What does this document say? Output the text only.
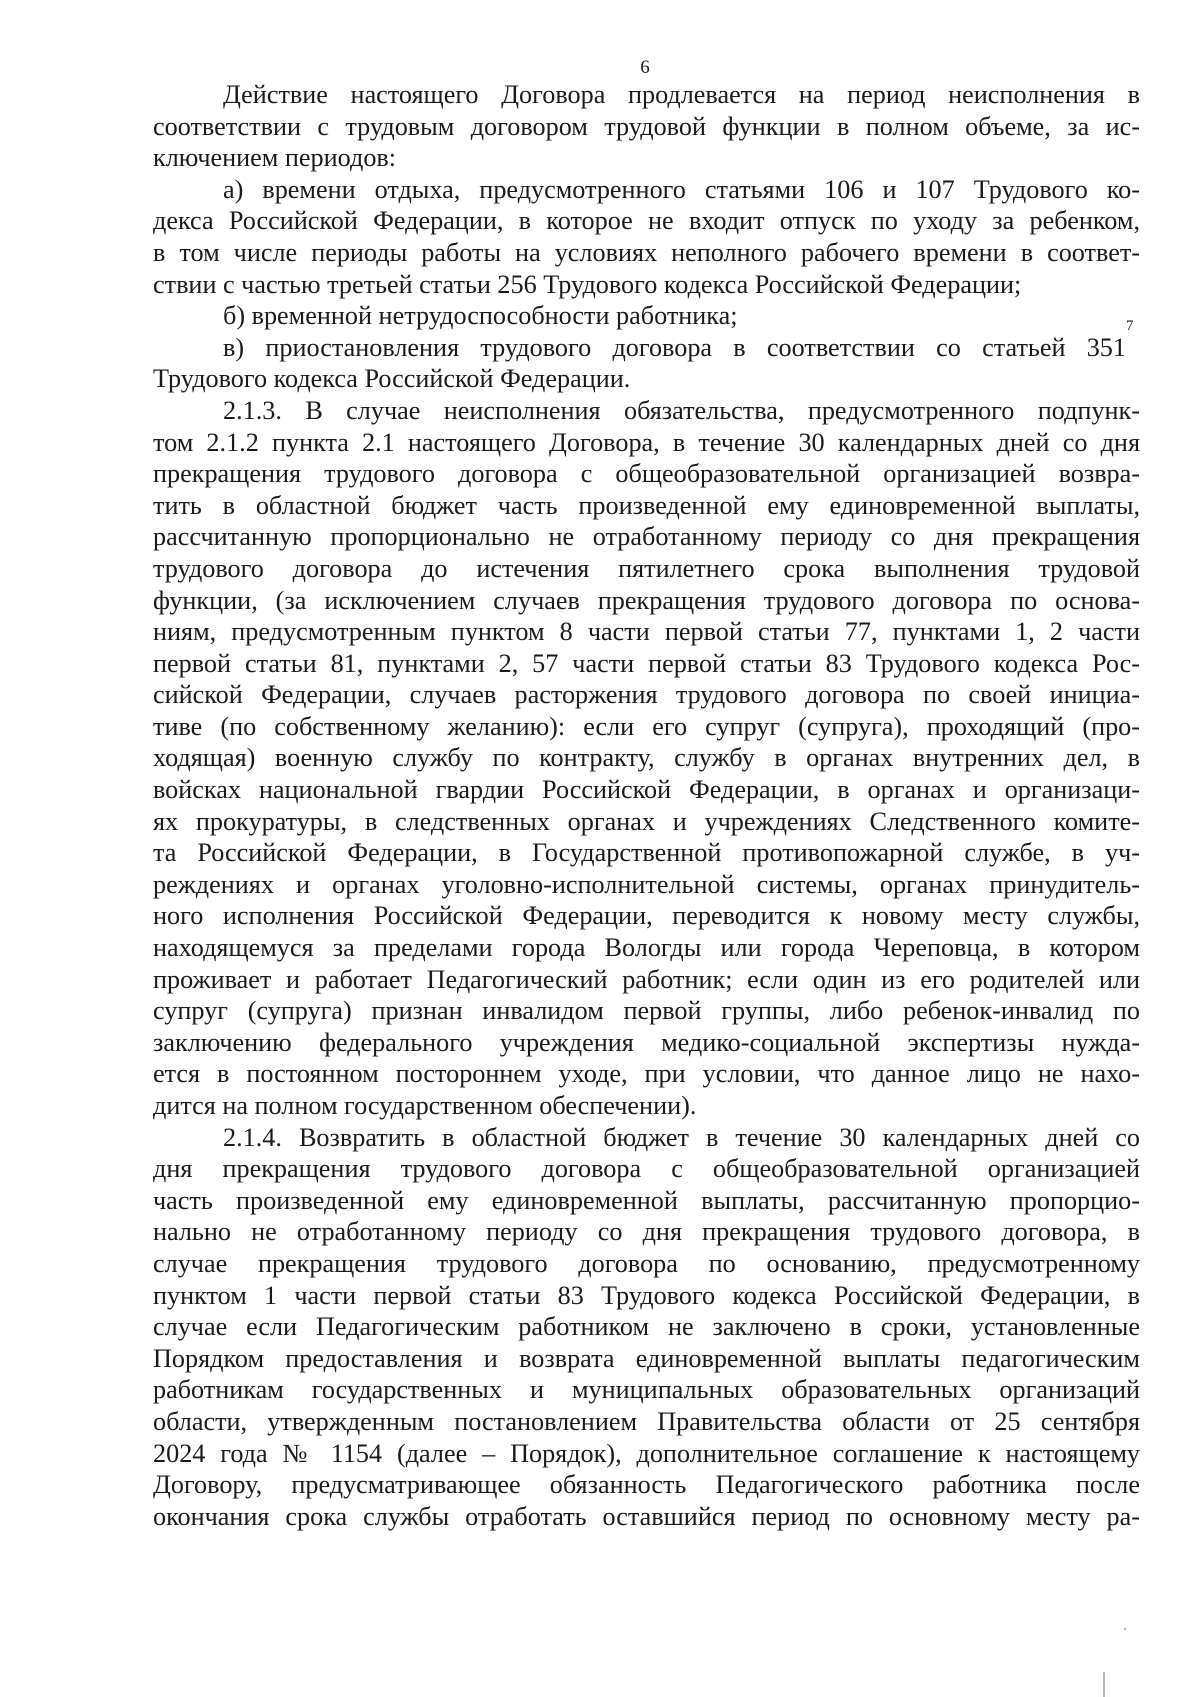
6
Действие настоящего Договора продлевается на период неисполнения в
соответствии с трудовым договором трудовой функции в полном объеме, за ис-
ключением периодов:
а) времени отдыха, предусмотренного статьями 106 и 107 Трудового ко-
декса Российской Федерации, в которое не входит отпуск по уходу за ребенком,
в том числе периоды работы на условиях неполного рабочего времени в соответ-
ствии с частью третьей статьи 256 Трудового кодекса Российской Федерации;
б) временной нетрудоспособности работника;
в) приостановления трудового договора в соответствии со статьей 351$^7$
Трудового кодекса Российской Федерации.
2.1.3. В случае неисполнения обязательства, предусмотренного подпунк-
том 2.1.2 пункта 2.1 настоящего Договора, в течение 30 календарных дней со дня
прекращения трудового договора с общеобразовательной организацией возвра-
тить в областной бюджет часть произведенной ему единовременной выплаты,
рассчитанную пропорционально не отработанному периоду со дня прекращения
трудового договора до истечения пятилетнего срока выполнения трудовой
функции, (за исключением случаев прекращения трудового договора по основа-
ниям, предусмотренным пунктом 8 части первой статьи 77, пунктами 1, 2 части
первой статьи 81, пунктами 2, 57 части первой статьи 83 Трудового кодекса Рос-
сийской Федерации, случаев расторжения трудового договора по своей инициа-
тиве (по собственному желанию): если его супруг (супруга), проходящий (про-
ходящая) военную службу по контракту, службу в органах внутренних дел, в
войсках национальной гвардии Российской Федерации, в органах и организаци-
ях прокуратуры, в следственных органах и учреждениях Следственного комите-
та Российской Федерации, в Государственной противопожарной службе, в уч-
реждениях и органах уголовно-исполнительной системы, органах принудитель-
ного исполнения Российской Федерации, переводится к новому месту службы,
находящемуся за пределами города Вологды или города Череповца, в котором
проживает и работает Педагогический работник; если один из его родителей или
супруг (супруга) признан инвалидом первой группы, либо ребенок-инвалид по
заключению федерального учреждения медико-социальной экспертизы нужда-
ется в постоянном постороннем уходе, при условии, что данное лицо не нахо-
дится на полном государственном обеспечении).
2.1.4. Возвратить в областной бюджет в течение 30 календарных дней со
дня прекращения трудового договора с общеобразовательной организацией
часть произведенной ему единовременной выплаты, рассчитанную пропорцио-
нально не отработанному периоду со дня прекращения трудового договора, в
случае прекращения трудового договора по основанию, предусмотренному
пунктом 1 части первой статьи 83 Трудового кодекса Российской Федерации, в
случае если Педагогическим работником не заключено в сроки, установленные
Порядком предоставления и возврата единовременной выплаты педагогическим
работникам государственных и муниципальных образовательных организаций
области, утвержденным постановлением Правительства области от 25 сентября
2024 года № 1154 (далее – Порядок), дополнительное соглашение к настоящему
Договору, предусматривающее обязанность Педагогического работника после
окончания срока службы отработать оставшийся период по основному месту ра-
